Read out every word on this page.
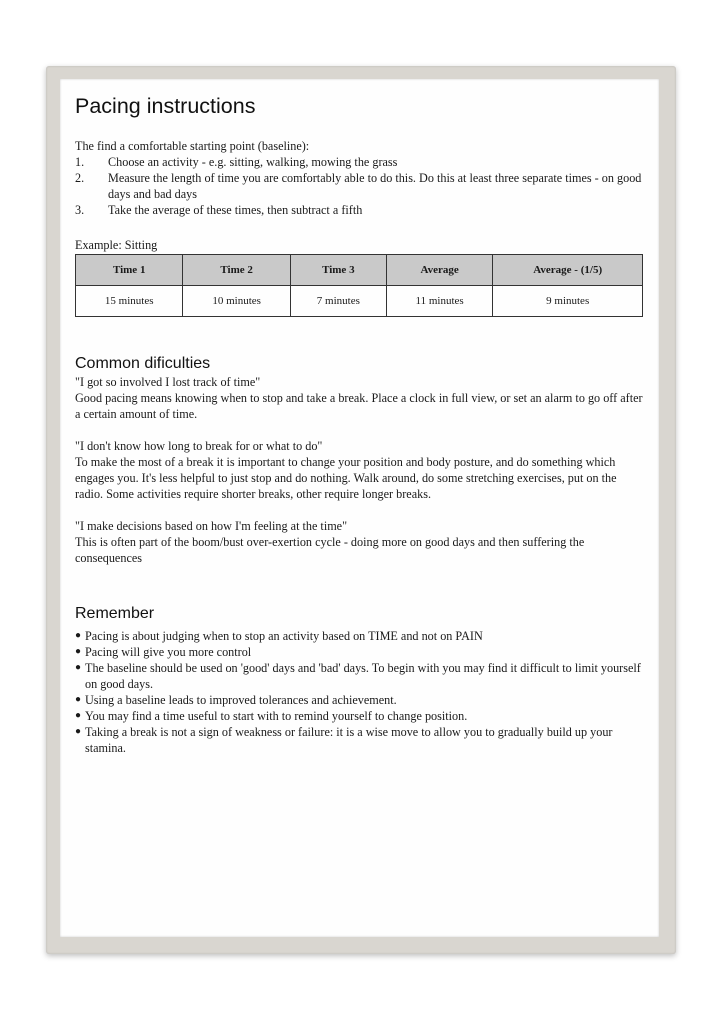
Pacing instructions

The find a comfortable starting point (baseline):

1.	Choose an activity - e.g. sitting, walking, mowing the grass
2.	Measure the length of time you are comfortably able to do this. Do this at least three separate times - on good days and bad days
3.	Take the average of these times, then subtract a fifth

Example: Sitting

Time 1	Time 2	Time 3	Average	Average - (1/5)
15 minutes	10 minutes	7 minutes	11 minutes	9 minutes
Common dificulties

"I got so involved I lost track of time"

Good pacing means knowing when to stop and take a break. Place a clock in full view, or set an alarm to go off after a certain amount of time.

"I don't know how long to break for or what to do"

To make the most of a break it is important to change your position and body posture, and do something which engages you. It's less helpful to just stop and do nothing. Walk around, do some stretching exercises, put on the radio. Some activities require shorter breaks, other require longer breaks.

"I make decisions based on how I'm feeling at the time"

This is often part of the boom/bust over-exertion cycle - doing more on good days and then suffering the consequences

Remember
● Pacing is about judging when to stop an activity based on TIME and not on PAIN
● Pacing will give you more control
● The baseline should be used on 'good' days and 'bad' days. To begin with you may find it difficult to limit yourself on good days.
● Using a baseline leads to improved tolerances and achievement.
● You may find a time useful to start with to remind yourself to change position.
● Taking a break is not a sign of weakness or failure: it is a wise move to allow you to gradually build up your stamina.
